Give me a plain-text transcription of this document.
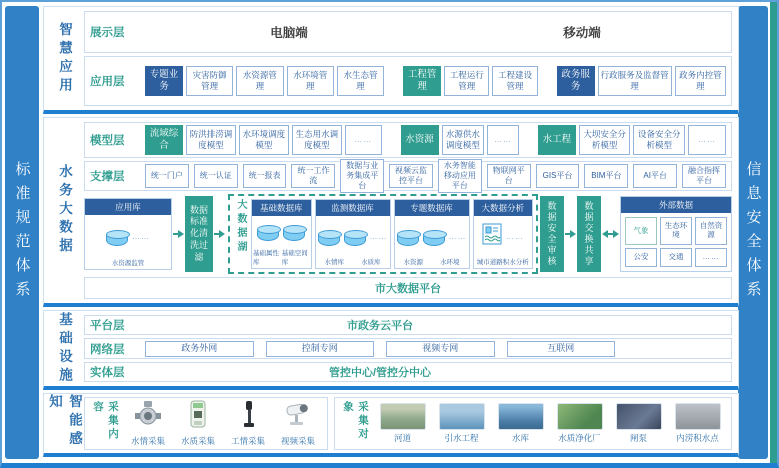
标准规范体系	信息安全体系
智慧应用	展示层	电脑端	移动端
应用层
专题业务
灾害防御管理
水资源管理
水环境管理
水生态管理
工程管理
工程运行管理
工程建设管理
政务服务
行政服务及监督管理
政务内控管理
水务大数据
模型层
流域综合
防洪排涝调度模型
水环境调度模型
生态用水调度模型
……	水资源	水源供水调度模型
……	水工程	大坝安全分析模型
设备安全分析模型
……
支撑层	统一门户	统一认证	统一报表
统一工作流
数据与业务集成平台
视频云监控平台
水务智能移动应用平台
物联网平台
GIS平台	BIM平台	AI平台
融合指挥平台
应用库
……
水资源监管
数据标准化清洗过滤
大数据湖	基础数据库
基础属性库
基础空间库
监测数据库
……
水情库	水质库
专题数据库
……
水资源	水环境
大数据分析
……
城市道路积水分析	数据安全审核	数据交换共享	外部数据
气象	生态环境
自然资源
公安	交通	……
市大数据平台
基础设施	平台层	市政务云平台
网络层	政务外网	控制专网	视频专网	互联网
实体层	管控中心/管控分中心
智能感知	采集内容
水情采集 水质采集 工情采集 视频采集	采集对象
河道	引水工程	水库	水质净化厂	闸泵	内涝积水点
